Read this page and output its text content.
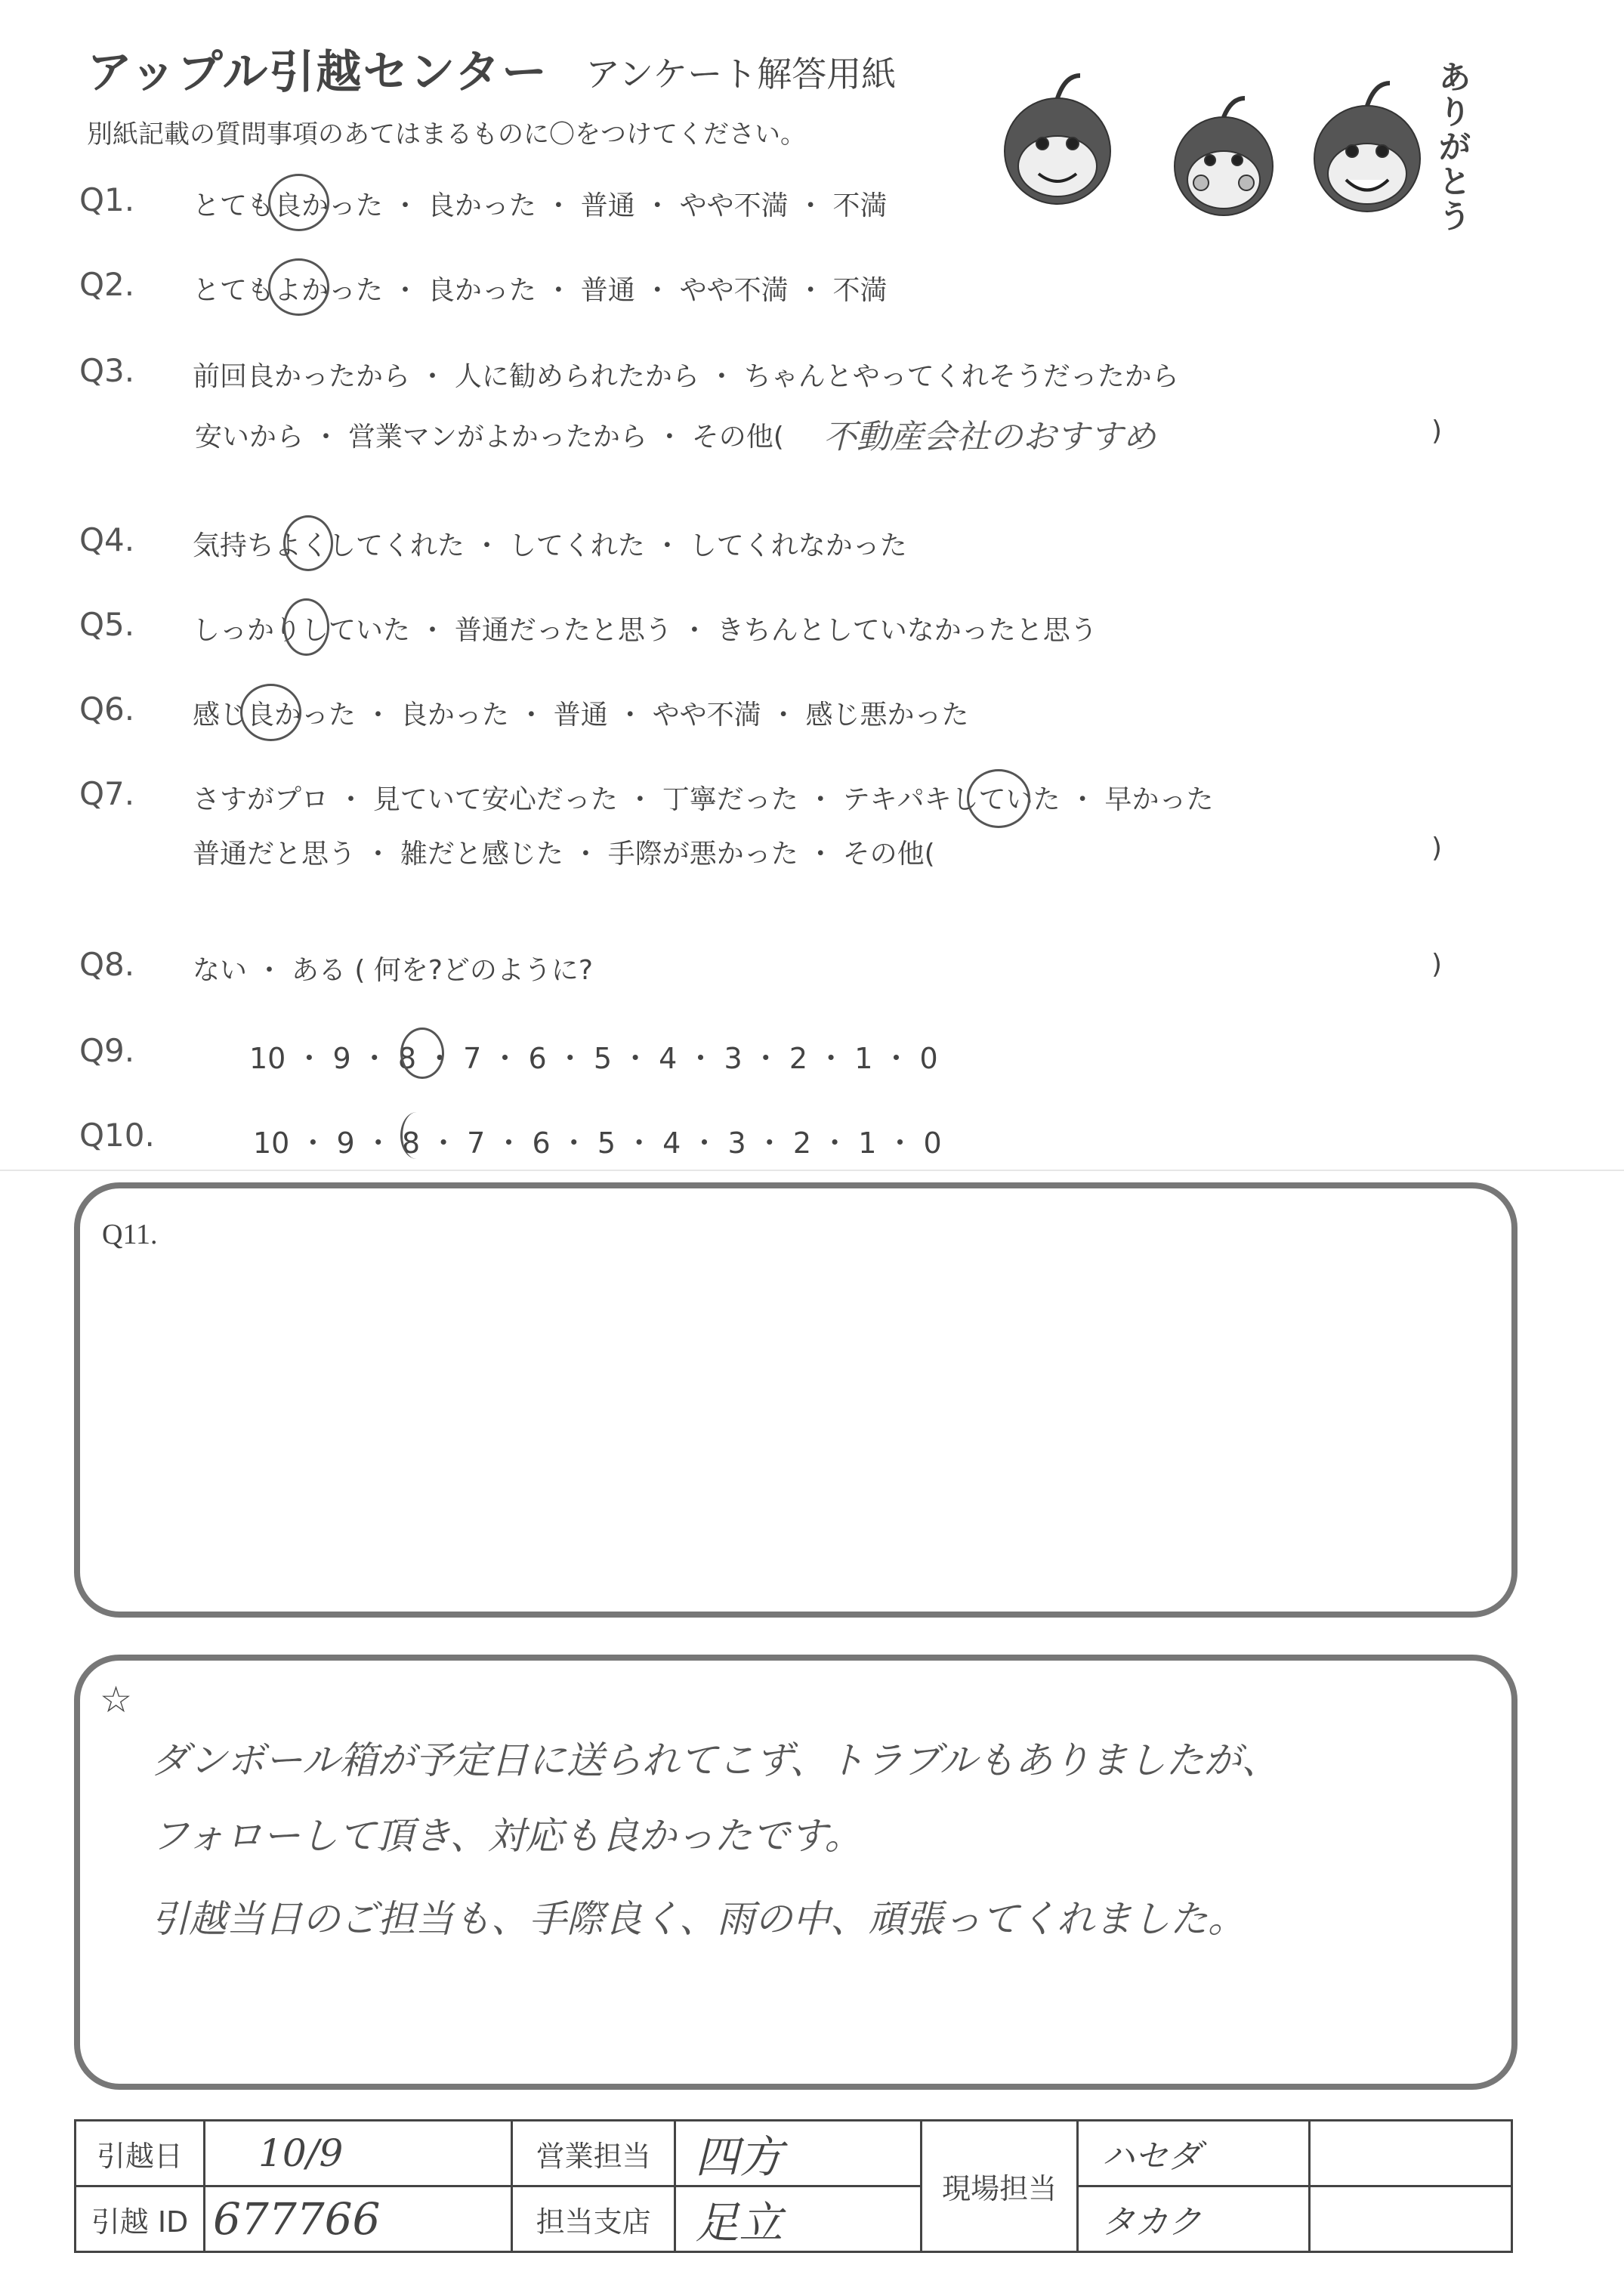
アップル引越センター アンケート解答用紙
別紙記載の質問事項のあてはまるものに〇をつけてください。
ありがとう
Q1. とても良かった ・ 良かった ・ 普通 ・ やや不満 ・ 不満
Q2. とてもよかった ・ 良かった ・ 普通 ・ やや不満 ・ 不満
Q3. 前回良かったから ・ 人に勧められたから ・ ちゃんとやってくれそうだったから
安いから ・ 営業マンがよかったから ・ その他( 不動産会社のおすすめ	)
Q4. 気持ちよくしてくれた ・ してくれた ・ してくれなかった
Q5. しっかりしていた ・ 普通だったと思う ・ きちんとしていなかったと思う
Q6. 感じ良かった ・ 良かった ・ 普通 ・ やや不満 ・ 感じ悪かった
Q7. さすがプロ ・ 見ていて安心だった ・ 丁寧だった ・ テキパキしていた ・ 早かった
普通だと思う ・ 雑だと感じた ・ 手際が悪かった ・ その他(	)
Q8. ない ・ ある ( 何を?どのように?	)
Q9.	10 ・ 9 ・ 8 ・ 7 ・ 6 ・ 5 ・ 4 ・ 3 ・ 2 ・ 1 ・ 0
Q10.	10 ・ 9 ・ 8 ・ 7 ・ 6 ・ 5 ・ 4 ・ 3 ・ 2 ・ 1 ・ 0
Q11.
☆
ダンボール箱が予定日に送られてこず、トラブルもありましたが、
フォローして頂き、対応も良かったです。
引越当日のご担当も、手際良く、雨の中、頑張ってくれました。
引越日	10/9	営業担当	四方	現場担当	ハセダ	
引越 ID	677766	担当支店	足立		タカク	
